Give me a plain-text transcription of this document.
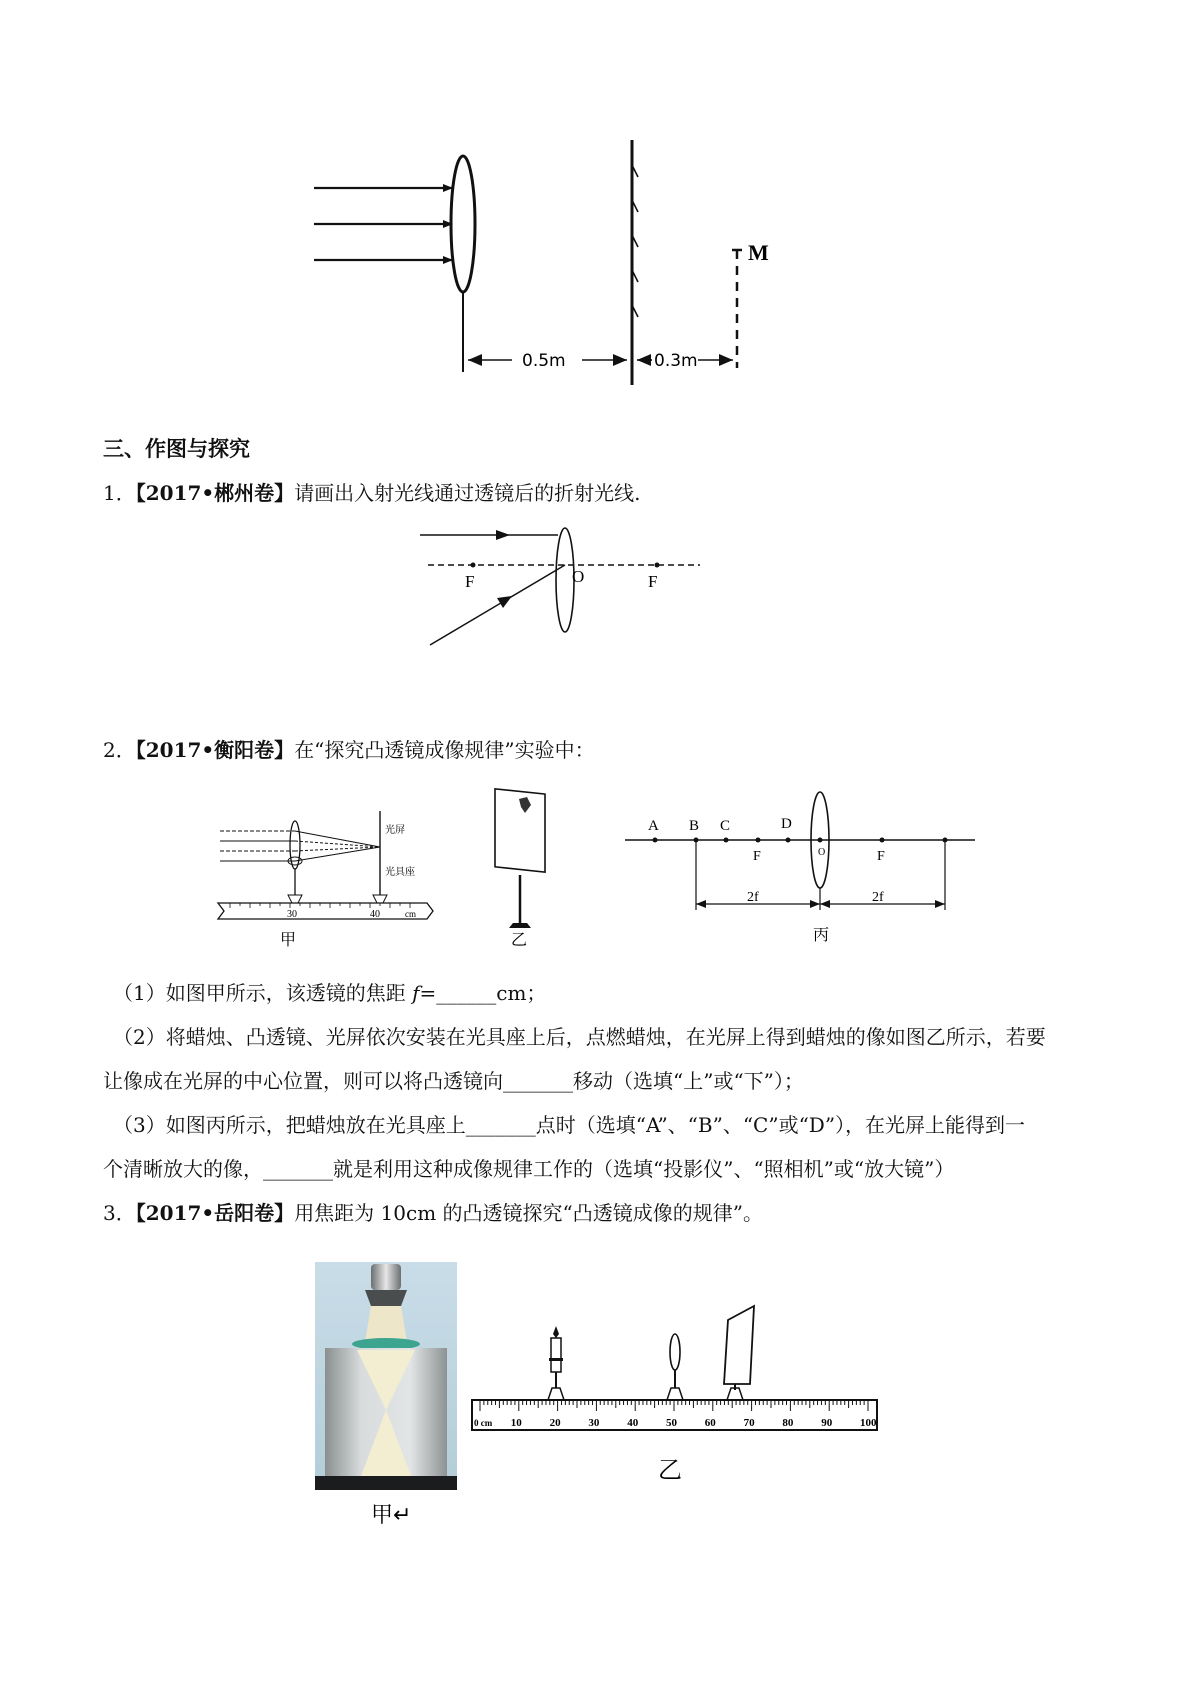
M
0.5m	0.3m
三、作图与探究
1．【2017•郴州卷】请画出入射光线通过透镜后的折射光线.
F	O	F
2．【2017•衡阳卷】在“探究凸透镜成像规律”实验中：
光屏
光具座
30	40	cm
甲	乙
A B C	D
F	O	F
2f	2f
丙
（1）如图甲所示，该透镜的焦距 f=______cm；
（2）将蜡烛、凸透镜、光屏依次安装在光具座上后，点燃蜡烛，在光屏上得到蜡烛的像如图乙所示，若要
让像成在光屏的中心位置，则可以将凸透镜向_______移动（选填“上”或“下”）；
（3）如图丙所示，把蜡烛放在光具座上_______点时（选填“A”、“B”、“C”或“D”），在光屏上能得到一
个清晰放大的像，_______就是利用这种成像规律工作的（选填“投影仪”、“照相机”或“放大镜”）
3．【2017•岳阳卷】用焦距为 10cm 的凸透镜探究“凸透镜成像的规律”。
甲↵
0 cm 10	20	30	40	50	60	70	80	90	100
乙
